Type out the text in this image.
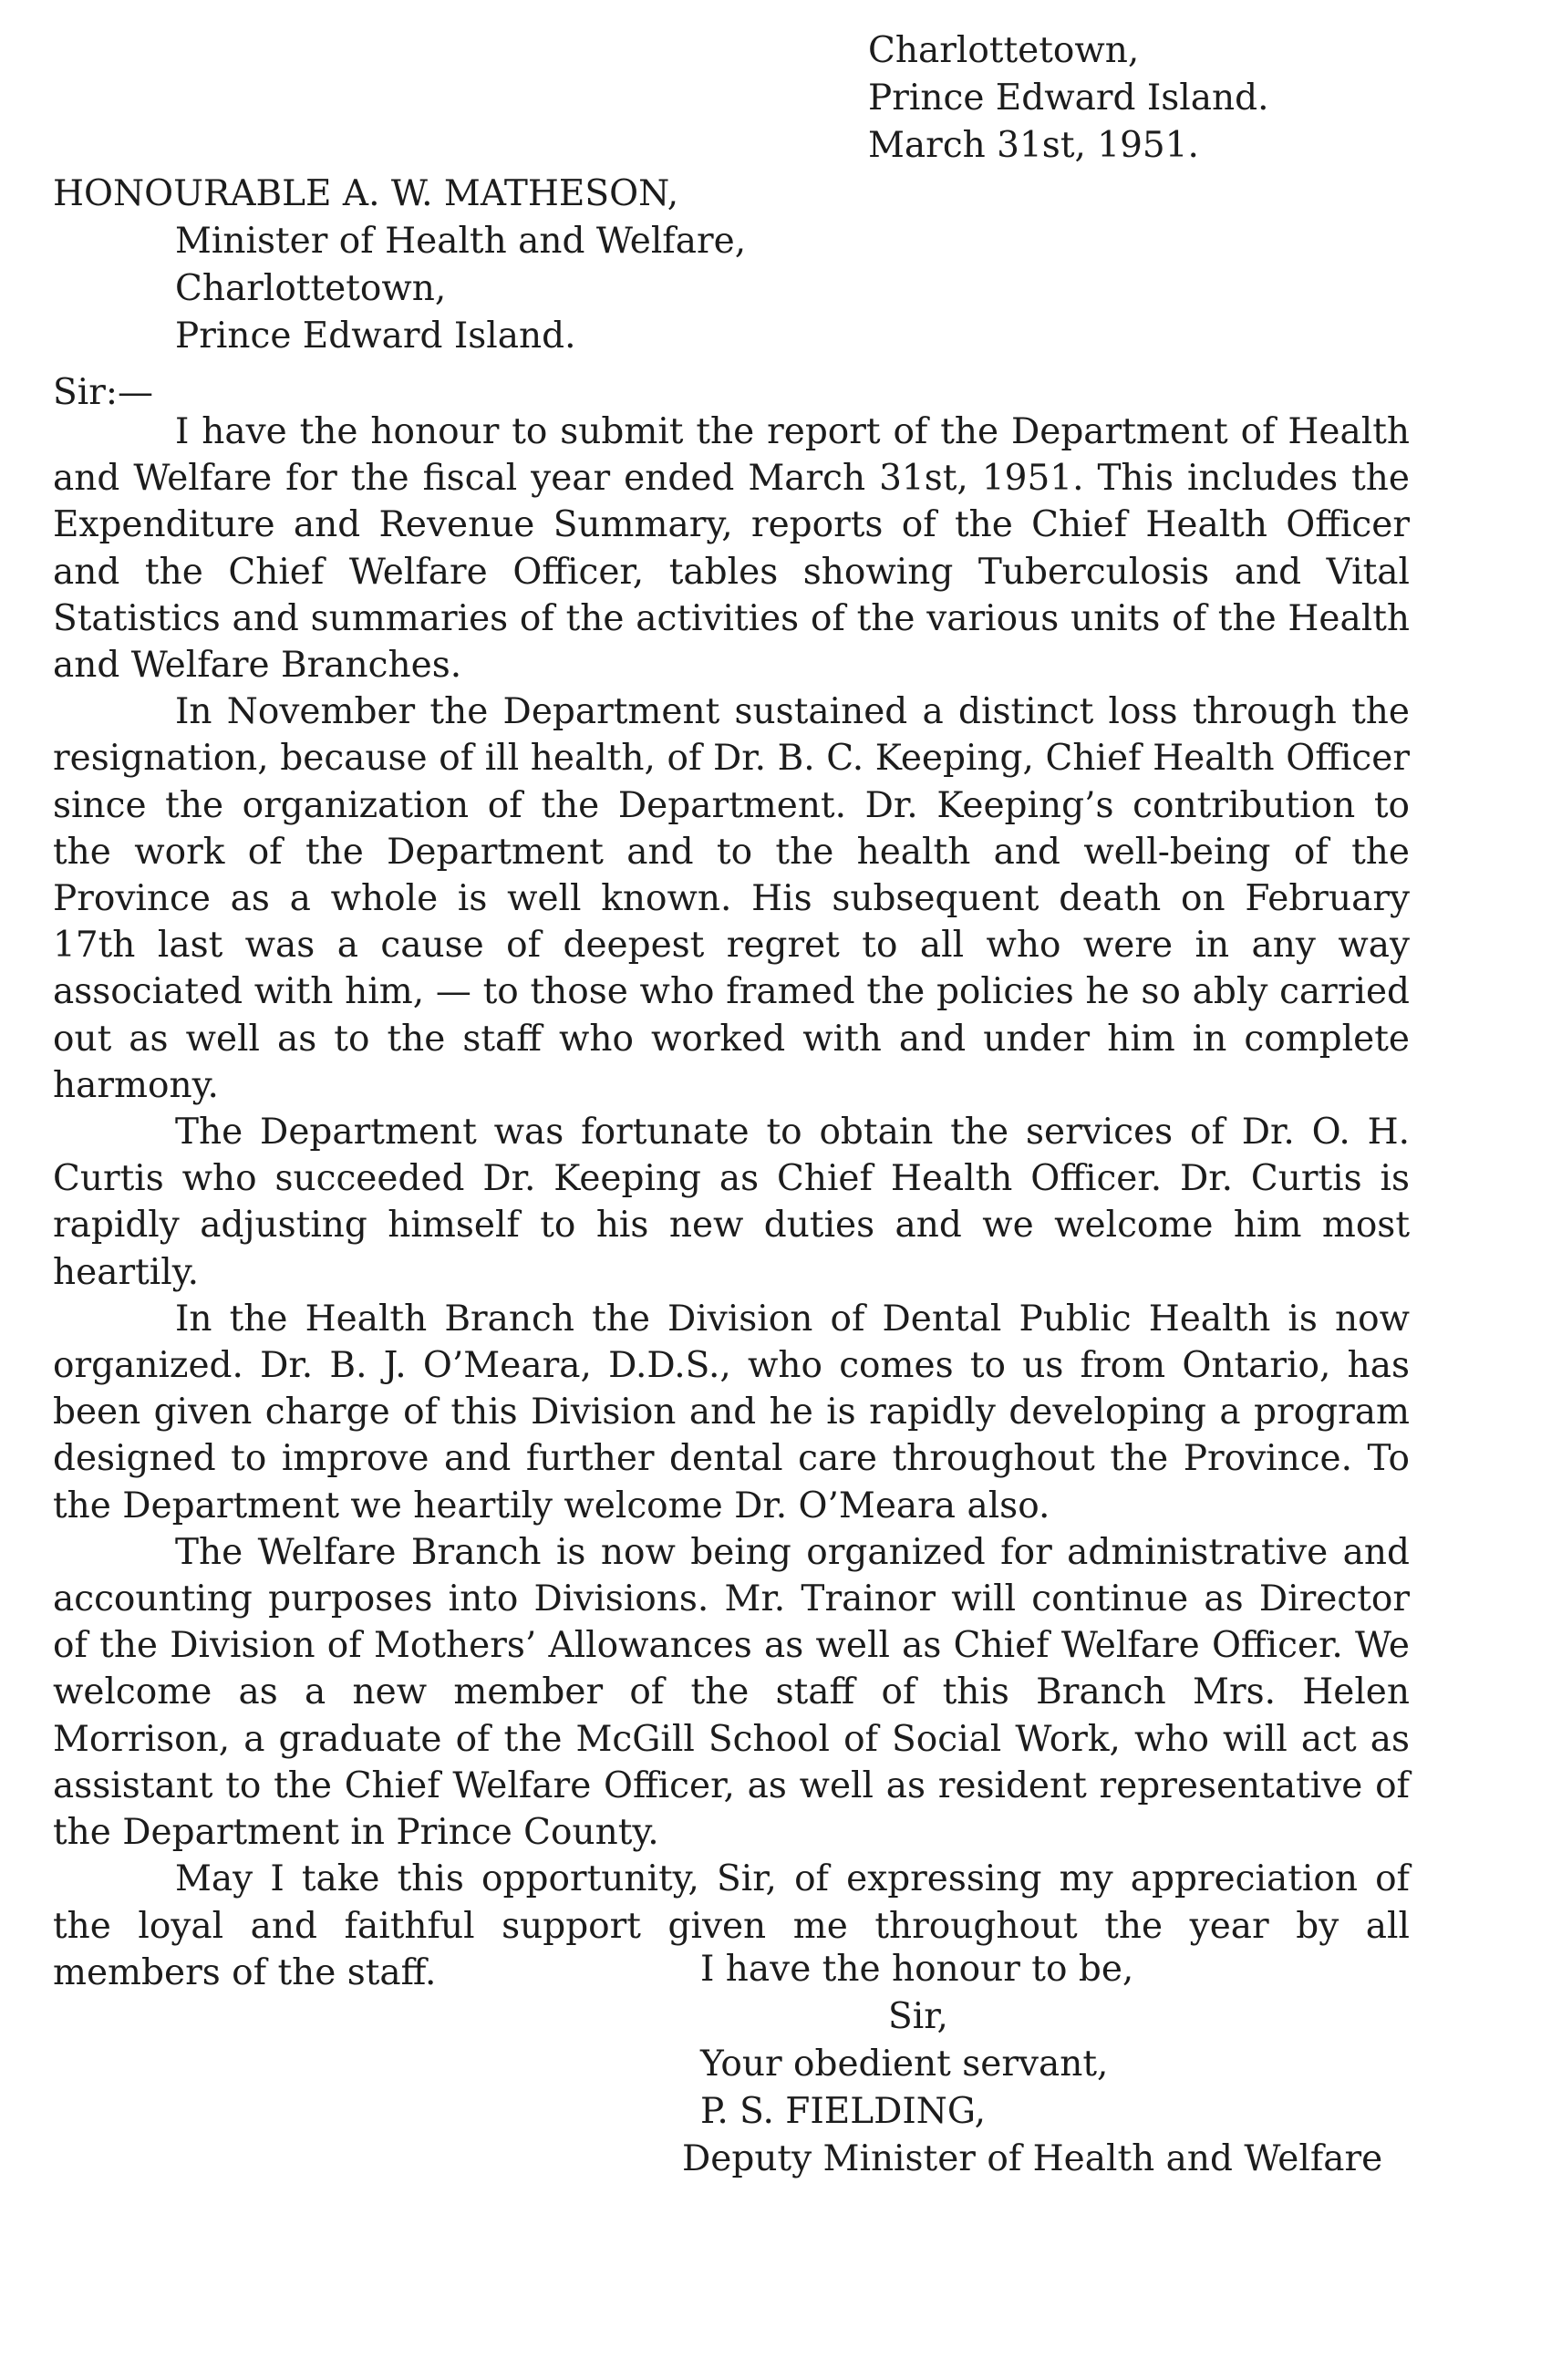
Charlottetown,
Prince Edward Island.
March 31st, 1951.
HONOURABLE A. W. MATHESON,
Minister of Health and Welfare,
Charlottetown,
Prince Edward Island.
Sir:—

I have the honour to submit the report of the Department of Health and Welfare for the fiscal year ended March 31st, 1951. This includes the Expenditure and Revenue Summary, reports of the Chief Health Officer and the Chief Welfare Officer, tables showing Tuberculosis and Vital Statistics and summaries of the activities of the various units of the Health and Welfare Branches.

In November the Department sustained a distinct loss through the resignation, because of ill health, of Dr. B. C. Keeping, Chief Health Officer since the organization of the Department. Dr. Keeping’s contribution to the work of the Department and to the health and well-being of the Province as a whole is well known. His subsequent death on February 17th last was a cause of deepest regret to all who were in any way associated with him, — to those who framed the policies he so ably carried out as well as to the staff who worked with and under him in complete harmony.

The Department was fortunate to obtain the services of Dr. O. H. Curtis who succeeded Dr. Keeping as Chief Health Officer. Dr. Curtis is rapidly adjusting himself to his new duties and we welcome him most heartily.

In the Health Branch the Division of Dental Public Health is now organized. Dr. B. J. O’Meara, D.D.S., who comes to us from Ontario, has been given charge of this Division and he is rapidly developing a program designed to improve and further dental care throughout the Province. To the Department we heartily welcome Dr. O’Meara also.

The Welfare Branch is now being organized for administrative and accounting purposes into Divisions. Mr. Trainor will continue as Director of the Division of Mothers’ Allowances as well as Chief Welfare Officer. We welcome as a new member of the staff of this Branch Mrs. Helen Morrison, a graduate of the McGill School of Social Work, who will act as assistant to the Chief Welfare Officer, as well as resident representative of the Department in Prince County.

May I take this opportunity, Sir, of expressing my appreciation of the loyal and faithful support given me throughout the year by all members of the staff.	I have the honour to be,
Sir,
Your obedient servant,
P. S. FIELDING,
Deputy Minister of Health and Welfare
